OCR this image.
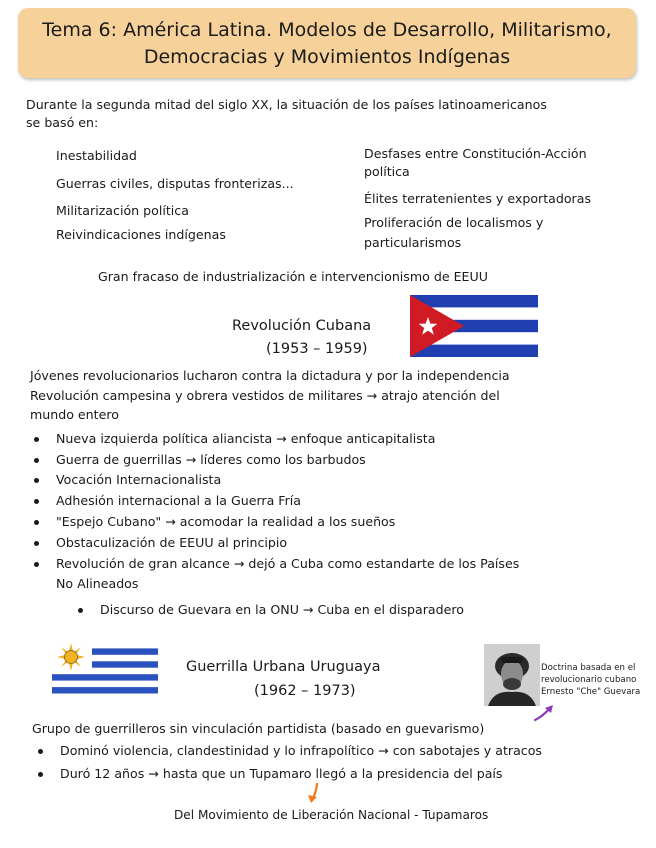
Tema 6: América Latina. Modelos de Desarrollo, Militarismo,
Democracias y Movimientos Indígenas
Durante la segunda mitad del siglo XX, la situación de los países latinoamericanos
se basó en:
Inestabilidad
Guerras civiles, disputas fronterizas...
Militarización política
Reivindicaciones indígenas
Desfases entre Constitución-Acción
política
Élites terratenientes y exportadoras
Proliferación de localismos y
particularismos
Gran fracaso de industrialización e intervencionismo de EEUU
Revolución Cubana
(1953 – 1959)
Jóvenes revolucionarios lucharon contra la dictadura y por la independencia
Revolución campesina y obrera vestidos de militares → atrajo atención del
mundo entero
Nueva izquierda política aliancista → enfoque anticapitalista
Guerra de guerrillas → líderes como los barbudos
Vocación Internacionalista
Adhesión internacional a la Guerra Fría
"Espejo Cubano" → acomodar la realidad a los sueños
Obstaculización de EEUU al principio
Revolución de gran alcance → dejó a Cuba como estandarte de los Países
No Alineados
Discurso de Guevara en la ONU → Cuba en el disparadero
Guerrilla Urbana Uruguaya
(1962 – 1973)
Doctrina basada en el
revolucionario cubano
Ernesto "Che" Guevara
Grupo de guerrilleros sin vinculación partidista (basado en guevarismo)
Dominó violencia, clandestinidad y lo infrapolítico → con sabotajes y atracos
Duró 12 años → hasta que un Tupamaro llegó a la presidencia del país
Del Movimiento de Liberación Nacional - Tupamaros
